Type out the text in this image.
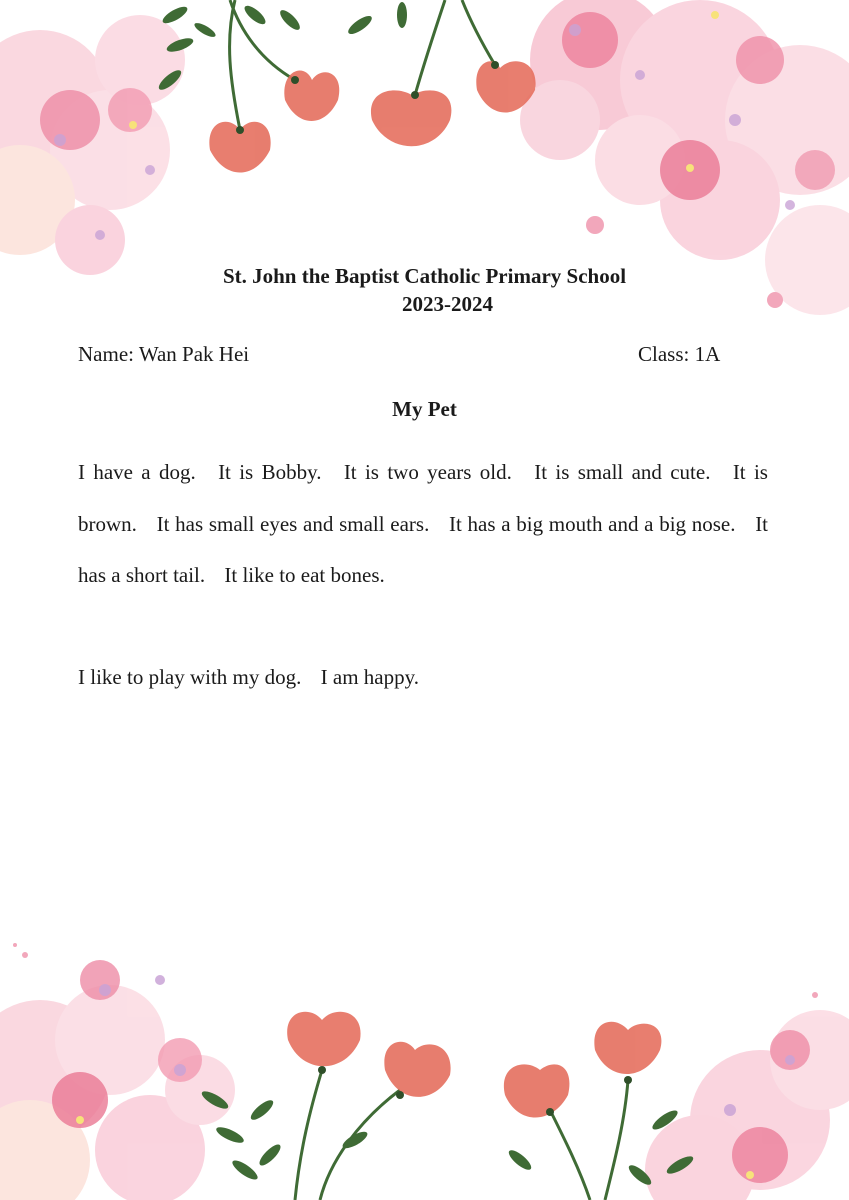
St. John the Baptist Catholic Primary School
2023-2024
Name: Wan Pak Hei	Class: 1A
My Pet
I have a dog. It is Bobby. It is two years old. It is small and cute. It is brown. It has small eyes and small ears. It has a big mouth and a big nose. It has a short tail. It like to eat bones.
I like to play with my dog. I am happy.
